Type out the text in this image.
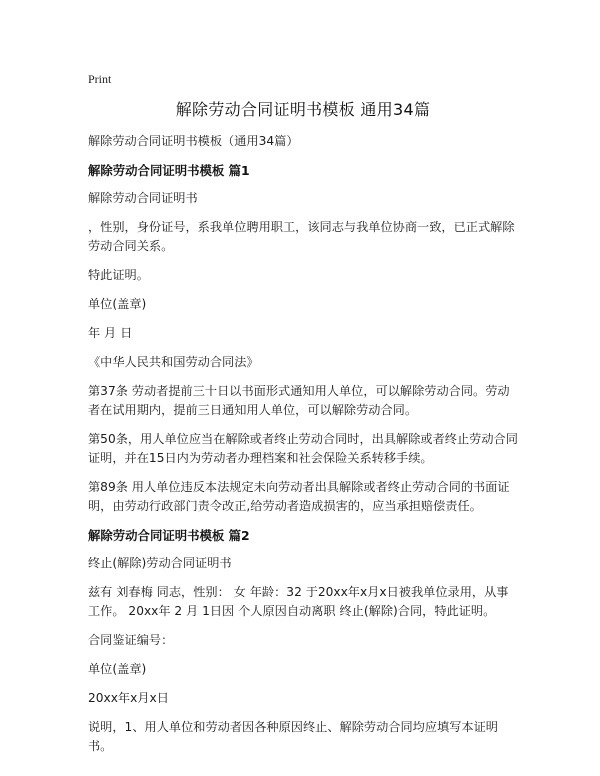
Print
解除劳动合同证明书模板 通用34篇
解除劳动合同证明书模板（通用34篇）
解除劳动合同证明书模板 篇1
解除劳动合同证明书
，性别，身份证号，系我单位聘用职工，该同志与我单位协商一致，已正式解除劳动合同关系。
特此证明。
单位(盖章)
年 月 日
《中华人民共和国劳动合同法》
第37条 劳动者提前三十日以书面形式通知用人单位，可以解除劳动合同。劳动者在试用期内，提前三日通知用人单位，可以解除劳动合同。
第50条，用人单位应当在解除或者终止劳动合同时，出具解除或者终止劳动合同证明，并在15日内为劳动者办理档案和社会保险关系转移手续。
第89条 用人单位违反本法规定未向劳动者出具解除或者终止劳动合同的书面证明，由劳动行政部门责令改正,给劳动者造成损害的，应当承担赔偿责任。
解除劳动合同证明书模板 篇2
终止(解除)劳动合同证明书
兹有 刘春梅 同志，性别： 女 年龄：32 于20xx年x月x日被我单位录用，从事 工作。 20xx年 2 月 1日因 个人原因自动离职 终止(解除)合同，特此证明。
合同鉴证编号：
单位(盖章)
20xx年x月x日
说明，1、用人单位和劳动者因各种原因终止、解除劳动合同均应填写本证明书。
